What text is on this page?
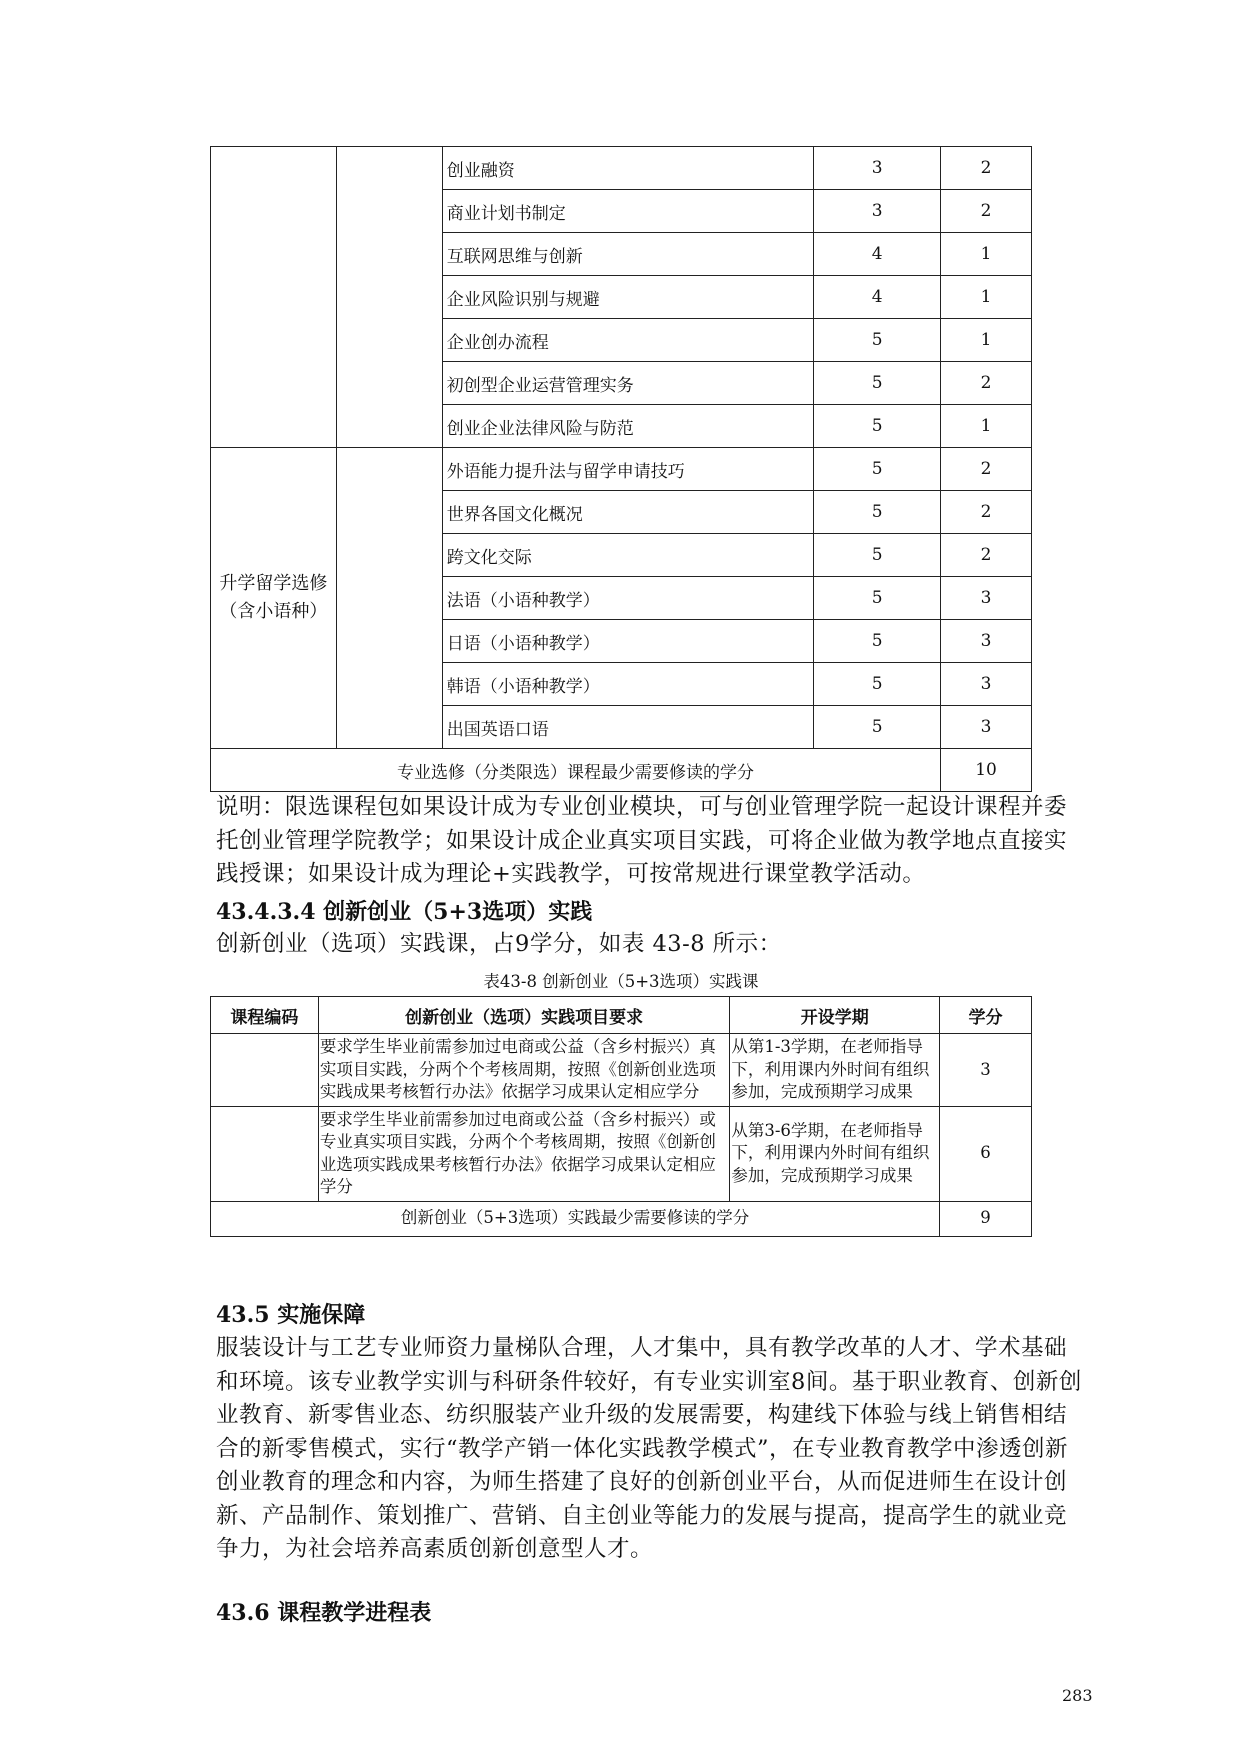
		创业融资	3	2
		商业计划书制定	3	2
		互联网思维与创新	4	1
		企业风险识别与规避	4	1
		企业创办流程	5	1
		初创型企业运营管理实务	5	2
		创业企业法律风险与防范	5	1

升学留学选修
（含小语种）		外语能力提升法与留学申请技巧	5	2
		世界各国文化概况	5	2
		跨文化交际	5	2
		法语（小语种教学）	5	3
		日语（小语种教学）	5	3
		韩语（小语种教学）	5	3
		出国英语口语	5	3
专业选修（分类限选）课程最少需要修读的学分				10
说明：限选课程包如果设计成为专业创业模块，可与创业管理学院一起设计课程并委托创业管理学院教学；如果设计成企业真实项目实践，可将企业做为教学地点直接实践授课；如果设计成为理论+实践教学，可按常规进行课堂教学活动。
43.4.3.4 创新创业（5+3选项）实践
创新创业（选项）实践课，占9学分，如表 43-8 所示：
表43-8 创新创业（5+3选项）实践课
课程编码	创新创业（选项）实践项目要求	开设学期	学分
	要求学生毕业前需参加过电商或公益（含乡村振兴）真实项目实践，分两个个考核周期，按照《创新创业选项实践成果考核暂行办法》依据学习成果认定相应学分	从第1-3学期，在老师指导下，利用课内外时间有组织参加，完成预期学习成果	3
	要求学生毕业前需参加过电商或公益（含乡村振兴）或专业真实项目实践，分两个个考核周期，按照《创新创业选项实践成果考核暂行办法》依据学习成果认定相应学分	从第3-6学期，在老师指导下，利用课内外时间有组织参加，完成预期学习成果	6
创新创业（5+3选项）实践最少需要修读的学分			9
43.5 实施保障
服装设计与工艺专业师资力量梯队合理，人才集中，具有教学改革的人才、学术基础和环境。该专业教学实训与科研条件较好，有专业实训室8间。基于职业教育、创新创业教育、新零售业态、纺织服装产业升级的发展需要，构建线下体验与线上销售相结合的新零售模式，实行“教学产销一体化实践教学模式”，在专业教育教学中渗透创新创业教育的理念和内容，为师生搭建了良好的创新创业平台，从而促进师生在设计创新、产品制作、策划推广、营销、自主创业等能力的发展与提高，提高学生的就业竞争力，为社会培养高素质创新创意型人才。
43.6 课程教学进程表
283
